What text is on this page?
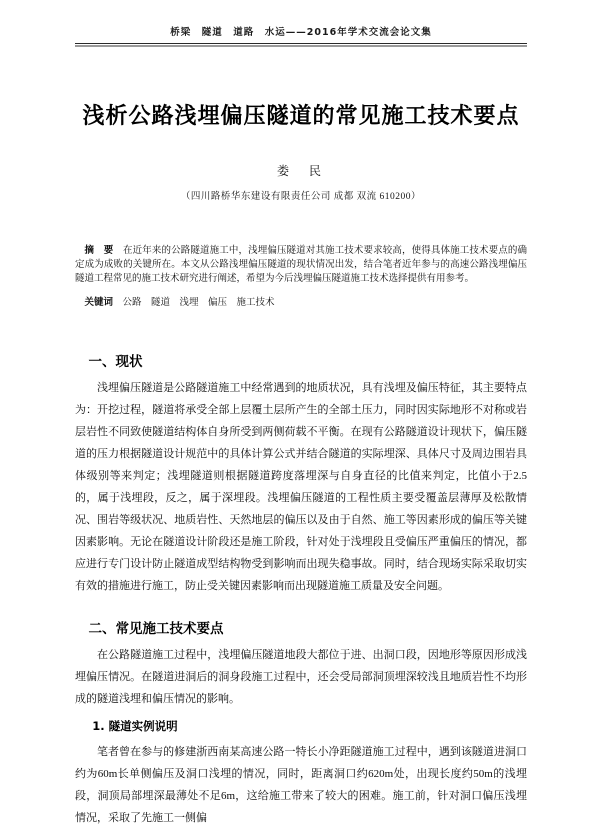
桥梁　隧道　道路　水运——2016年学术交流会论文集
浅析公路浅埋偏压隧道的常见施工技术要点
娄　民
（四川路桥华东建设有限责任公司 成都 双流 610200）

摘　要　 在近年来的公路隧道施工中，浅埋偏压隧道对其施工技术要求较高，使得具体施工技术要点的确定成为成败的关键所在。本文从公路浅埋偏压隧道的现状情况出发，结合笔者近年参与的高速公路浅埋偏压隧道工程常见的施工技术研究进行阐述，希望为今后浅埋偏压隧道施工技术选择提供有用参考。

关键词　 公路　隧道　浅埋　偏压　施工技术

一、现状

浅埋偏压隧道是公路隧道施工中经常遇到的地质状况，具有浅埋及偏压特征，其主要特点为：开挖过程，隧道将承受全部上层覆土层所产生的全部土压力，同时因实际地形不对称或岩层岩性不同致使隧道结构体自身所受到两侧荷载不平衡。在现有公路隧道设计现状下，偏压隧道的压力根据隧道设计规范中的具体计算公式并结合隧道的实际埋深、具体尺寸及周边围岩具体级别等来判定；浅埋隧道则根据隧道跨度落埋深与自身直径的比值来判定，比值小于2.5的，属于浅埋段，反之，属于深埋段。浅埋偏压隧道的工程性质主要受覆盖层薄厚及松散情况、围岩等级状况、地质岩性、天然地层的偏压以及由于自然、施工等因素形成的偏压等关键因素影响。无论在隧道设计阶段还是施工阶段，针对处于浅埋段且受偏压严重偏压的情况，都应进行专门设计防止隧道成型结构物受到影响而出现失稳事故。同时，结合现场实际采取切实有效的措施进行施工，防止受关键因素影响而出现隧道施工质量及安全问题。

二、常见施工技术要点

在公路隧道施工过程中，浅埋偏压隧道地段大都位于进、出洞口段，因地形等原因形成浅埋偏压情况。在隧道进洞后的洞身段施工过程中，还会受局部洞顶埋深较浅且地质岩性不均形成的隧道浅埋和偏压情况的影响。

1. 隧道实例说明

笔者曾在参与的修建浙西南某高速公路一特长小净距隧道施工过程中，遇到该隧道进洞口约为60m长单侧偏压及洞口浅埋的情况，同时，距离洞口约620m处，出现长度约50m的浅埋段，洞顶局部埋深最薄处不足6m，这给施工带来了较大的困难。施工前，针对洞口偏压浅埋情况，采取了先施工一侧偏
